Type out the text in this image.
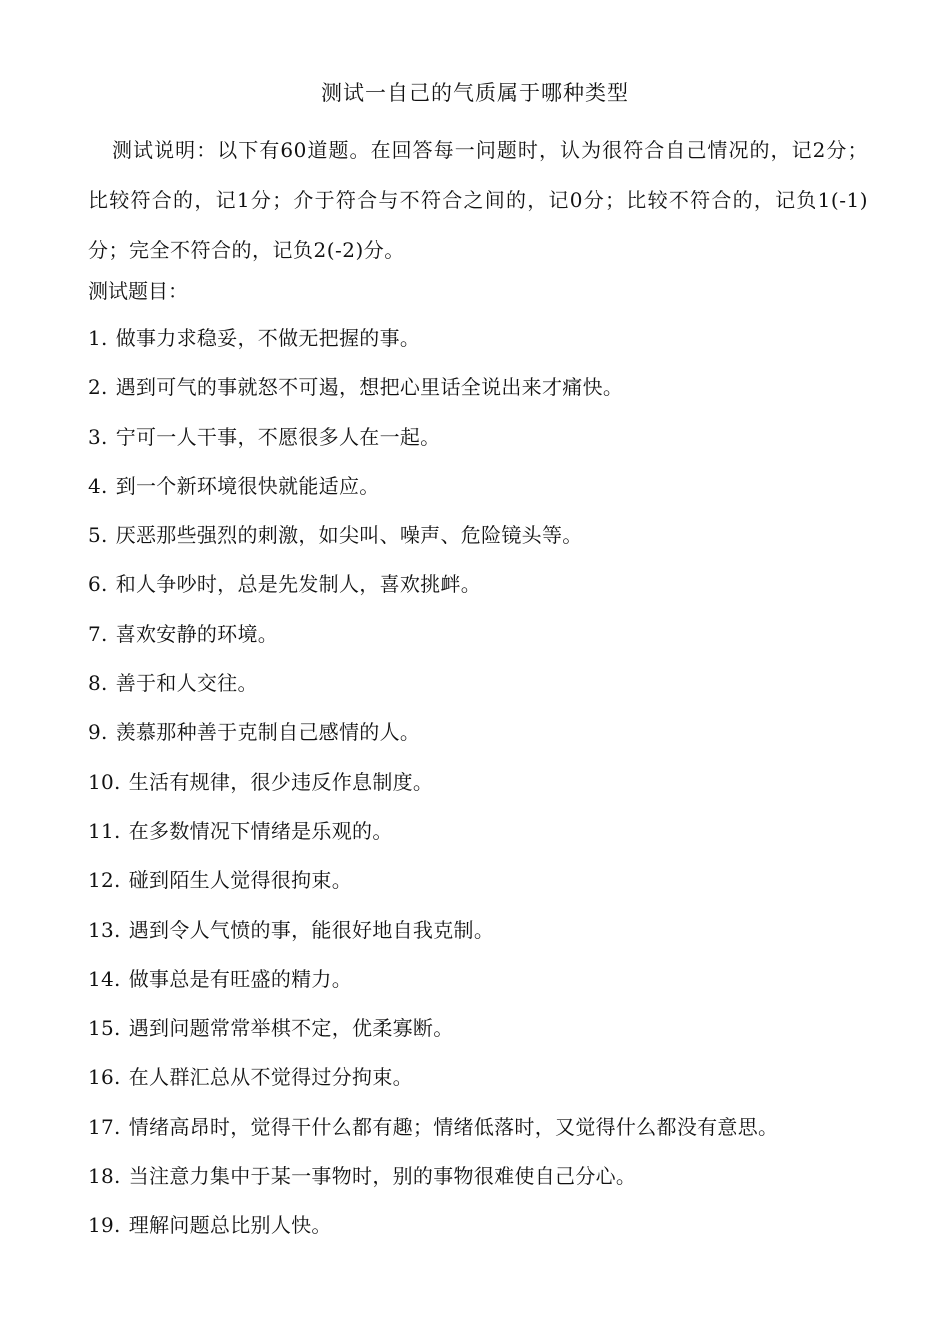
测试一自己的气质属于哪种类型
测试说明：以下有60道题。在回答每一问题时，认为很符合自己情况的，记2分；比较符合的，记1分；介于符合与不符合之间的，记0分；比较不符合的，记负1(-1)分；完全不符合的，记负2(-2)分。
测试题目：
1. 做事力求稳妥，不做无把握的事。
2. 遇到可气的事就怒不可遏，想把心里话全说出来才痛快。
3. 宁可一人干事，不愿很多人在一起。
4. 到一个新环境很快就能适应。
5. 厌恶那些强烈的刺激，如尖叫、噪声、危险镜头等。
6. 和人争吵时，总是先发制人，喜欢挑衅。
7. 喜欢安静的环境。
8. 善于和人交往。
9. 羡慕那种善于克制自己感情的人。
10. 生活有规律，很少违反作息制度。
11. 在多数情况下情绪是乐观的。
12. 碰到陌生人觉得很拘束。
13. 遇到令人气愤的事，能很好地自我克制。
14. 做事总是有旺盛的精力。
15. 遇到问题常常举棋不定，优柔寡断。
16. 在人群汇总从不觉得过分拘束。
17. 情绪高昂时，觉得干什么都有趣；情绪低落时，又觉得什么都没有意思。
18. 当注意力集中于某一事物时，别的事物很难使自己分心。
19. 理解问题总比别人快。
